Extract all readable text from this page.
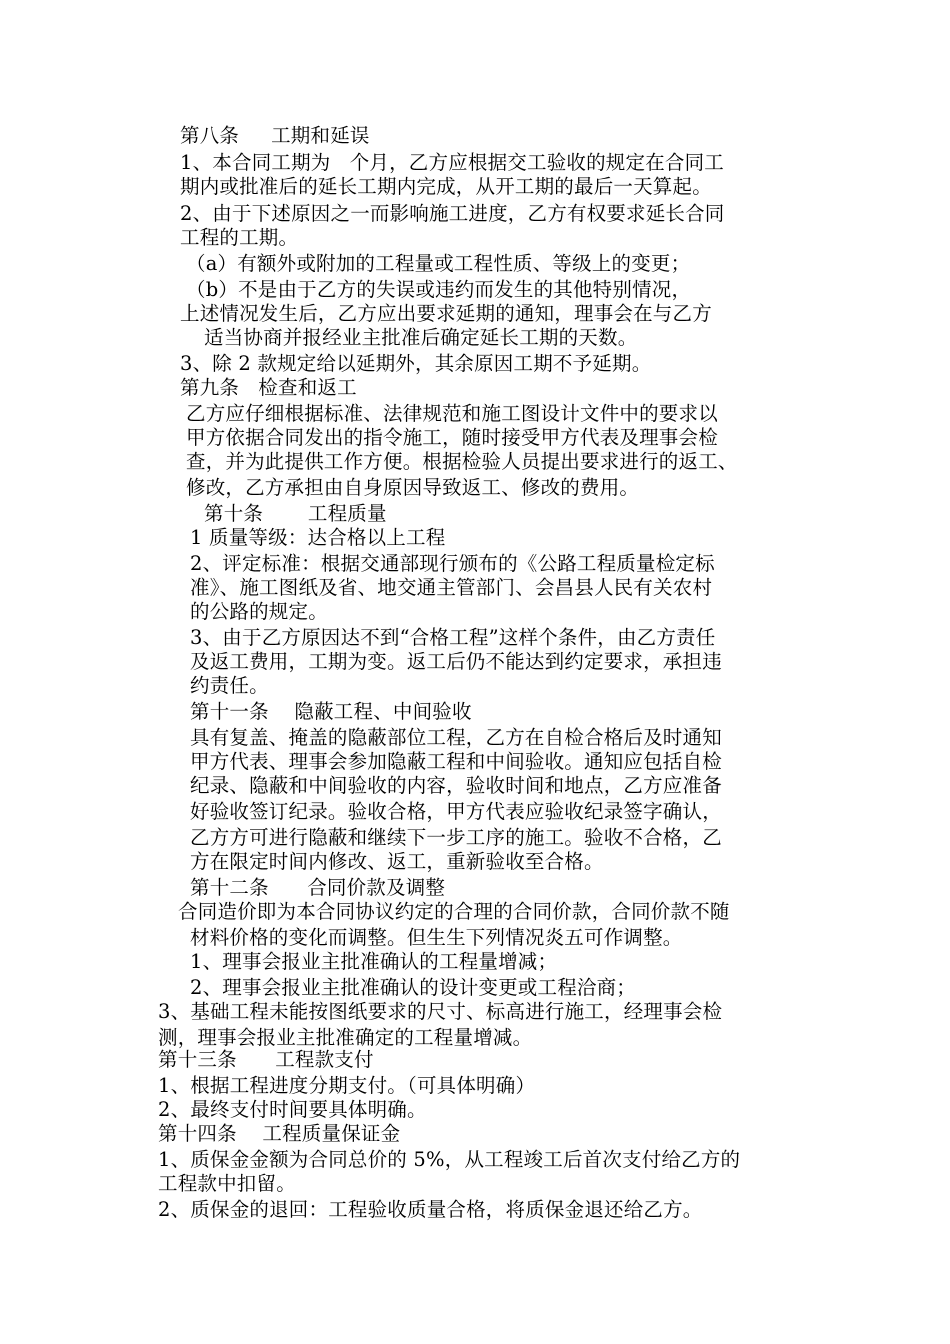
第八条     工期和延误
1、本合同工期为   个月，乙方应根据交工验收的规定在合同工
期内或批准后的延长工期内完成，从开工期的最后一天算起。
2、由于下述原因之一而影响施工进度，乙方有权要求延长合同
工程的工期。
（a）有额外或附加的工程量或工程性质、等级上的变更；
（b）不是由于乙方的失误或违约而发生的其他特别情况，
上述情况发生后，乙方应出要求延期的通知，理事会在与乙方
适当协商并报经业主批准后确定延长工期的天数。
3、除 2 款规定给以延期外，其余原因工期不予延期。
第九条   检查和返工
乙方应仔细根据标准、法律规范和施工图设计文件中的要求以
甲方依据合同发出的指令施工，随时接受甲方代表及理事会检
查，并为此提供工作方便。根据检验人员提出要求进行的返工、
修改，乙方承担由自身原因导致返工、修改的费用。
第十条       工程质量
1 质量等级：达合格以上工程
2、评定标准：根据交通部现行颁布的《公路工程质量检定标
准》、施工图纸及省、地交通主管部门、会昌县人民有关农村
的公路的规定。
3、由于乙方原因达不到“合格工程”这样个条件，由乙方责任
及返工费用，工期为变。返工后仍不能达到约定要求，承担违
约责任。
第十一条    隐蔽工程、中间验收
具有复盖、掩盖的隐蔽部位工程，乙方在自检合格后及时通知
甲方代表、理事会参加隐蔽工程和中间验收。通知应包括自检
纪录、隐蔽和中间验收的内容，验收时间和地点，乙方应准备
好验收签订纪录。验收合格，甲方代表应验收纪录签字确认，
乙方方可进行隐蔽和继续下一步工序的施工。验收不合格，乙
方在限定时间内修改、返工，重新验收至合格。
第十二条      合同价款及调整
合同造价即为本合同协议约定的合理的合同价款，合同价款不随
材料价格的变化而调整。但生生下列情况炎五可作调整。
1、理事会报业主批准确认的工程量增减；
2、理事会报业主批准确认的设计变更或工程洽商；
3、基础工程未能按图纸要求的尺寸、标高进行施工，经理事会检
测，理事会报业主批准确定的工程量增减。
第十三条      工程款支付
1、根据工程进度分期支付。（可具体明确）
2、最终支付时间要具体明确。
第十四条    工程质量保证金
1、质保金金额为合同总价的 5%，从工程竣工后首次支付给乙方的
工程款中扣留。
2、质保金的退回：工程验收质量合格，将质保金退还给乙方。
